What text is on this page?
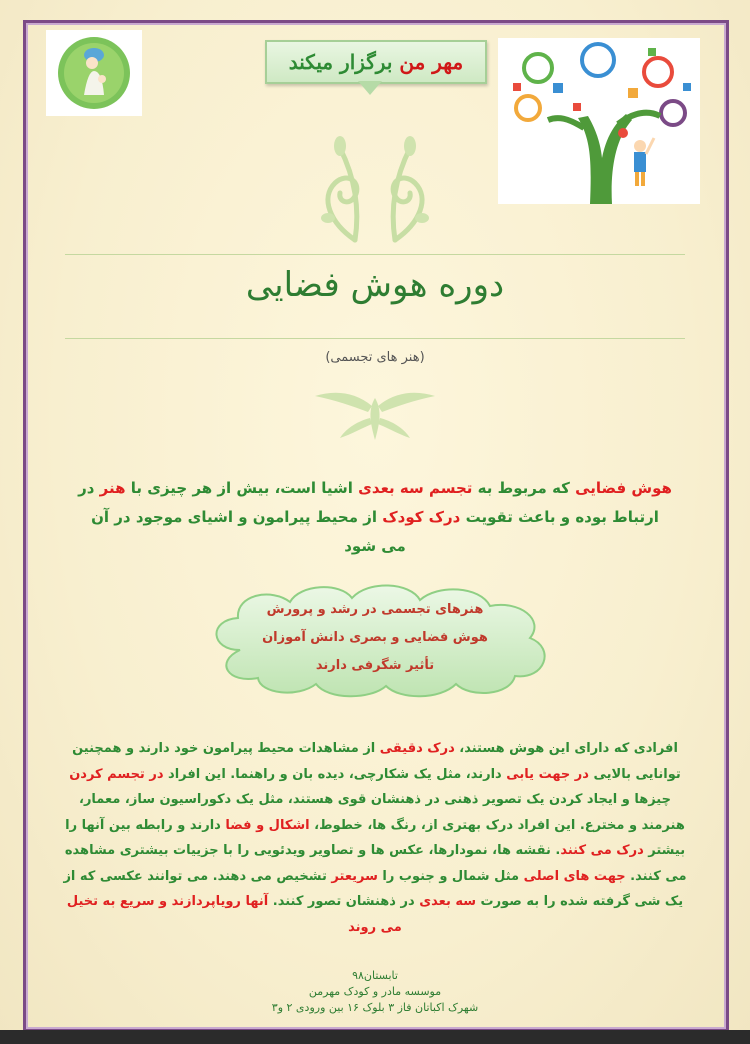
مهر من
برگزار میکند
دوره هوش فضایی
(هنر های تجسمی)
هوش فضایی که مربوط به تجسم سه بعدی اشیا است، بیش از هر چیزی با هنر در ارتباط بوده و باعث تقویت درک کودک از محیط پیرامون و اشیای موجود در آن می شود
هنرهای تجسمی در رشد و پرورش
هوش فضایی و بصری دانش آموزان
تأثیر شگرفی دارند
افرادی که دارای این هوش هستند، درک دقیقی از مشاهدات محیط پیرامون خود دارند و همچنین توانایی بالایی در جهت یابی دارند، مثل یک شکارچی، دیده بان و راهنما. این افراد در تجسم کردن چیزها و ایجاد کردن یک تصویر ذهنی در ذهنشان قوی هستند، مثل یک دکوراسیون ساز، معمار، هنرمند و مخترع. این افراد درک بهتری از، رنگ ها، خطوط، اشکال و فضا دارند و رابطه بین آنها را بیشتر درک می کنند. نقشه ها، نمودارها، عکس ها و تصاویر ویدئویی را با جزییات بیشتری مشاهده می کنند. جهت های اصلی مثل شمال و جنوب را سریعتر تشخیص می دهند. می توانند عکسی که از یک شی گرفته شده را به صورت سه بعدی در ذهنشان تصور کنند. آنها رویاپردازند و سریع به تخیل می روند
تابستان۹۸
موسسه مادر و کودک مهرمن
شهرک اکباتان فاز ۳ بلوک ۱۶ بین ورودی ۲ و۳
